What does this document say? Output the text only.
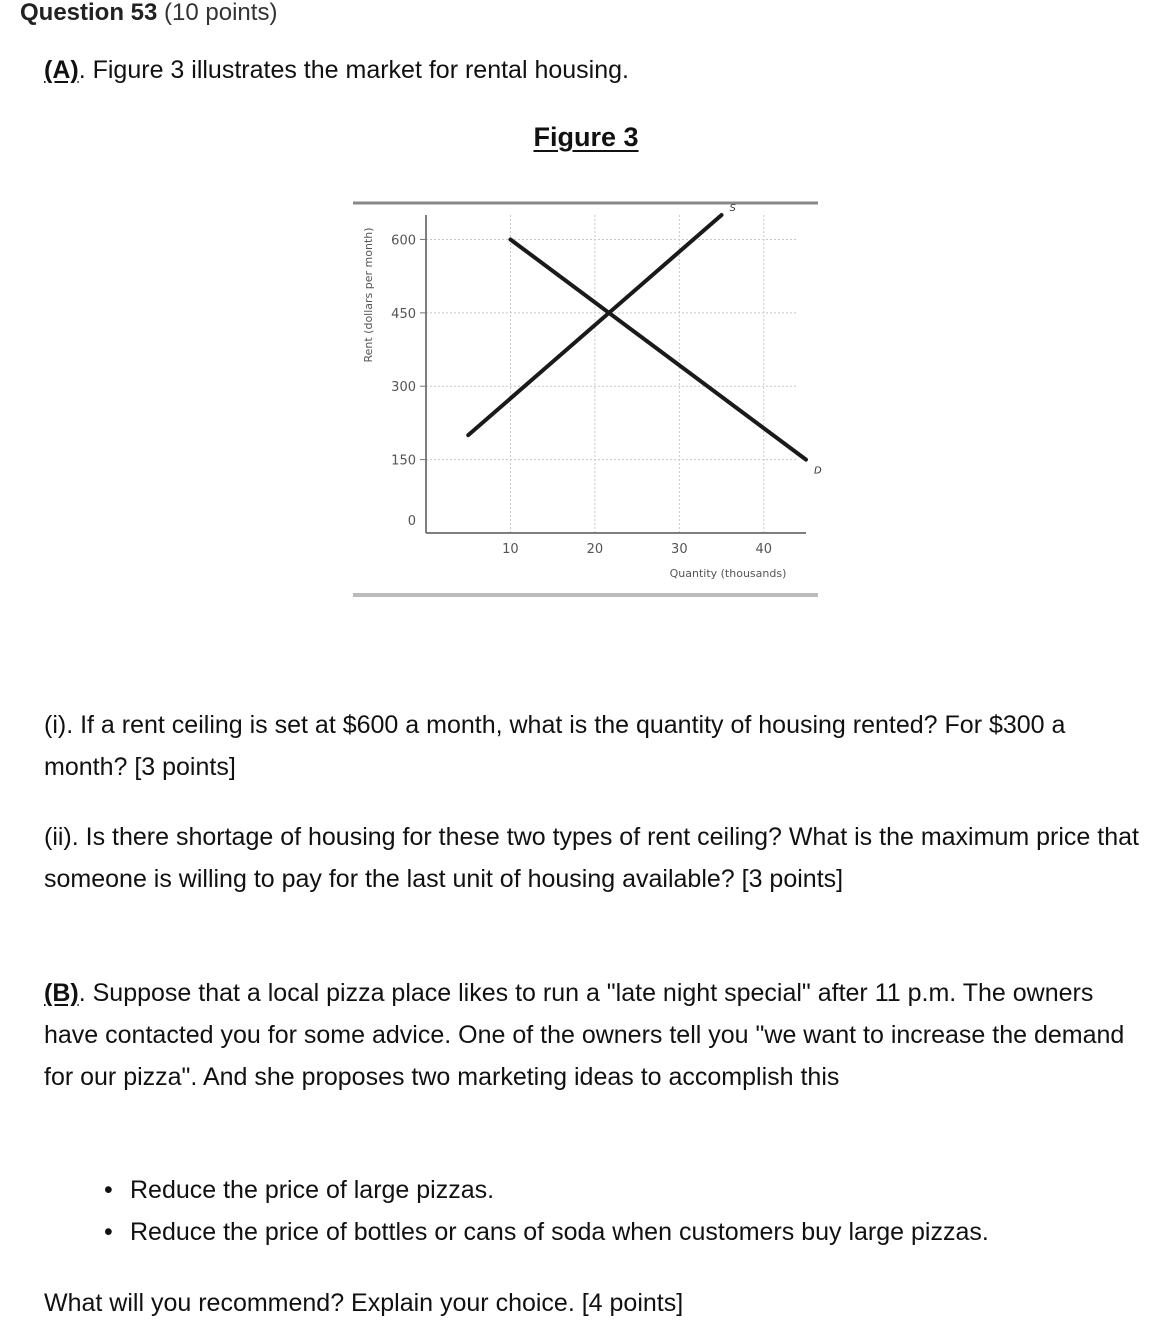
Question 53 (10 points)
(A). Figure 3 illustrates the market for rental housing.
Figure 3
0
150
300
450
600
10	20	30	40
S
D
Rent (dollars per month)
Quantity (thousands)
(i). If a rent ceiling is set at $600 a month, what is the quantity of housing rented? For $300 a month? [3 points]
(ii). Is there shortage of housing for these two types of rent ceiling? What is the maximum price that someone is willing to pay for the last unit of housing available? [3 points]
(B). Suppose that a local pizza place likes to run a "late night special" after 11 p.m. The owners have contacted you for some advice. One of the owners tell you "we want to increase the demand for our pizza". And she proposes two marketing ideas to accomplish this
• Reduce the price of large pizzas.
• Reduce the price of bottles or cans of soda when customers buy large pizzas.
What will you recommend? Explain your choice. [4 points]
